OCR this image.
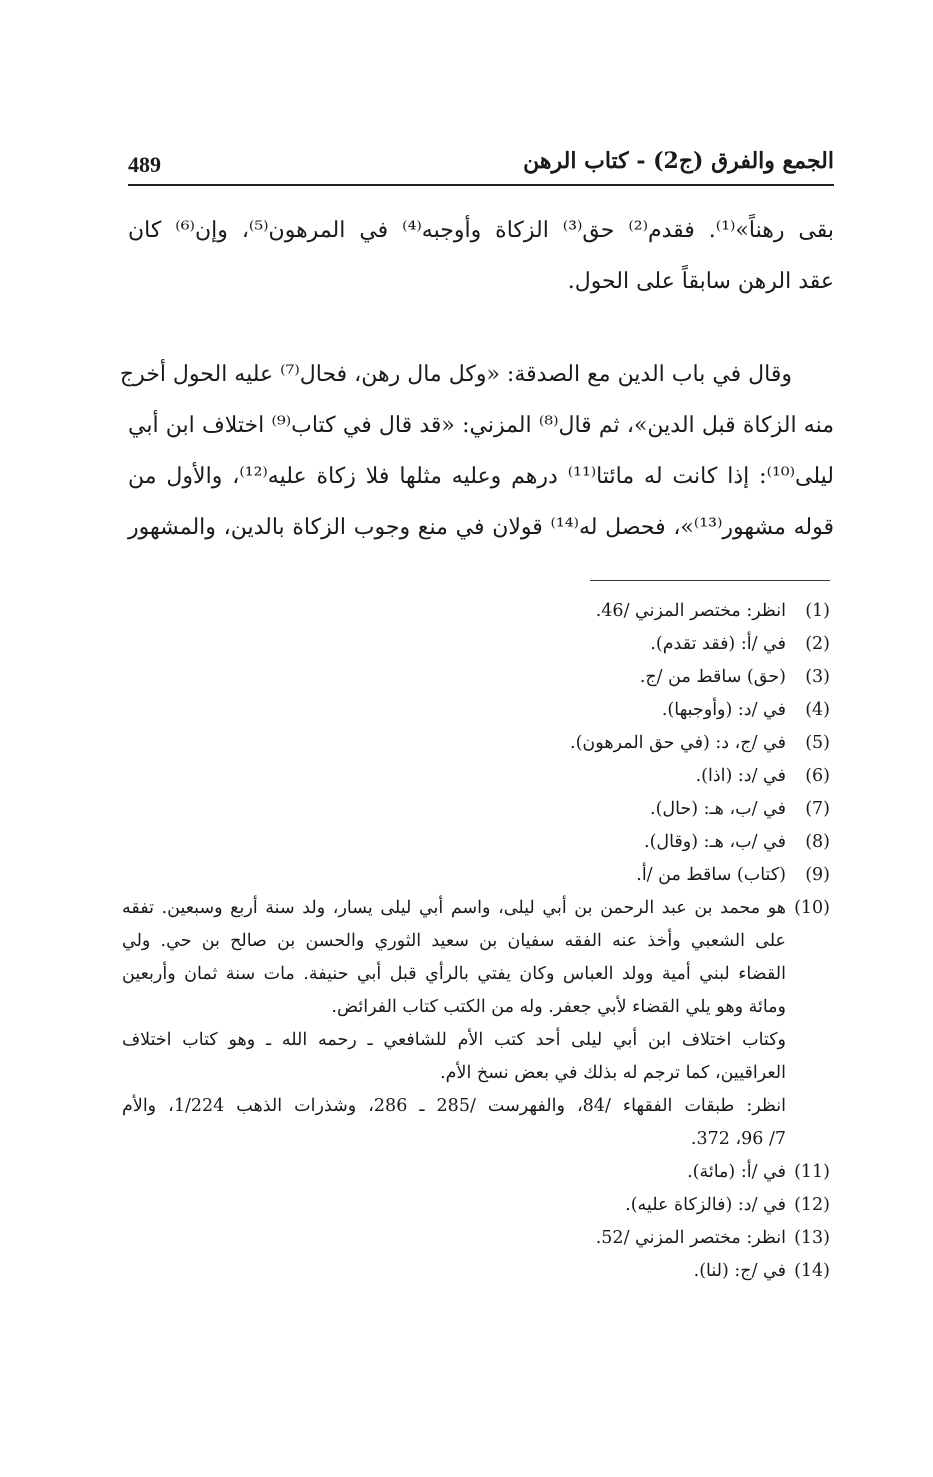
489	الجمع والفرق (ج2) - كتاب الرهن

بقى رهناً»⁽¹⁾. فقدم⁽²⁾ حق⁽³⁾ الزكاة وأوجبه⁽⁴⁾ في المرهون⁽⁵⁾، وإن⁽⁶⁾ كان
عقد الرهن سابقاً على الحول.

وقال في باب الدين مع الصدقة: «وكل مال رهن، فحال⁽⁷⁾ عليه الحول أخرج
منه الزكاة قبل الدين»، ثم قال⁽⁸⁾ المزني: «قد قال في كتاب⁽⁹⁾ اختلاف ابن أبي
ليلى⁽¹⁰⁾: إذا كانت له مائتا⁽¹¹⁾ درهم وعليه مثلها فلا زكاة عليه⁽¹²⁾، والأول من
قوله مشهور⁽¹³⁾»، فحصل له⁽¹⁴⁾ قولان في منع وجوب الزكاة بالدين، والمشهور

(1)
انظر: مختصر المزني /46.
(2)
في /أ: (فقد تقدم).
(3)
(حق) ساقط من /ج.
(4)
في /د: (وأوجبها).
(5)
في /ج، د: (في حق المرهون).
(6)
في /د: (اذا).
(7)
في /ب، هـ: (حال).
(8)
في /ب، هـ: (وقال).
(9)
(كتاب) ساقط من /أ.
(10)
هو محمد بن عبد الرحمن بن أبي ليلى، واسم أبي ليلى يسار، ولد سنة أربع وسبعين. تفقه
على الشعبي وأخذ عنه الفقه سفيان بن سعيد الثوري والحسن بن صالح بن حي. ولي
القضاء لبني أمية وولد العباس وكان يفتي بالرأي قبل أبي حنيفة. مات سنة ثمان وأربعين
ومائة وهو يلي القضاء لأبي جعفر. وله من الكتب كتاب الفرائض.
وكتاب اختلاف ابن أبي ليلى أحد كتب الأم للشافعي ـ رحمه الله ـ وهو كتاب اختلاف
العراقيين، كما ترجم له بذلك في بعض نسخ الأم.
انظر: طبقات الفقهاء /84، والفهرست /285 ـ 286، وشذرات الذهب 1/224، والأم
7/ 96، 372.
(11)
في /أ: (مائة).
(12)
في /د: (فالزكاة عليه).
(13)
انظر: مختصر المزني /52.
(14)
في /ج: (لنا).
